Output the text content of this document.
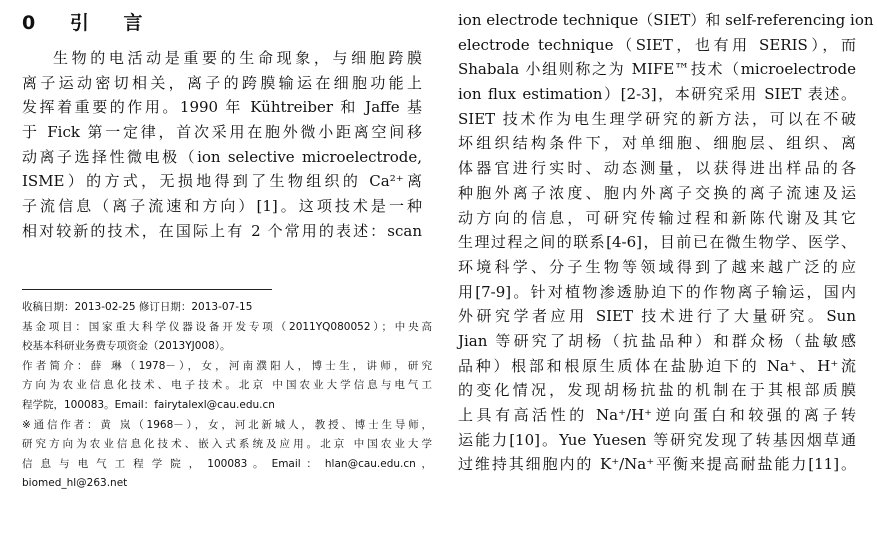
0 引 言
生物的电活动是重要的生命现象，与细胞跨膜
离子运动密切相关，离子的跨膜输运在细胞功能上
发挥着重要的作用。1990 年 Kühtreiber 和 Jaffe 基
于 Fick 第一定律，首次采用在胞外微小距离空间移
动离子选择性微电极（ion selective microelectrode,
ISME）的方式，无损地得到了生物组织的 Ca²⁺离
子流信息（离子流速和方向）[1]。这项技术是一种
相对较新的技术，在国际上有 2 个常用的表述：scan
收稿日期：2013-02-25 修订日期：2013-07-15
基金项目：国家重大科学仪器设备开发专项（2011YQ080052）；中央高
校基本科研业务费专项资金（2013YJ008）。
作者简介：薛 琳（1978－），女，河南濮阳人，博士生，讲师，研究
方向为农业信息化技术、电子技术。北京 中国农业大学信息与电气工
程学院，100083。Email：fairytalexl@cau.edu.cn
※通信作者：黄 岚（1968－），女，河北新城人，教授、博士生导师，
研究方向为农业信息化技术、嵌入式系统及应用。北京 中国农业大学
信 息 与 电 气 工 程 学 院 ， 100083 。 Email ： hlan@cau.edu.cn ，
biomed_hl@263.net
ion electrode technique（SIET）和 self-referencing ion
electrode technique（SIET，也有用 SERIS），而
Shabala 小组则称之为 MIFE™技术（microelectrode
ion flux estimation）[2-3]，本研究采用 SIET 表述。
SIET 技术作为电生理学研究的新方法，可以在不破
坏组织结构条件下，对单细胞、细胞层、组织、离
体器官进行实时、动态测量，以获得进出样品的各
种胞外离子浓度、胞内外离子交换的离子流速及运
动方向的信息，可研究传输过程和新陈代谢及其它
生理过程之间的联系[4-6]，目前已在微生物学、医学、
环境科学、分子生物等领域得到了越来越广泛的应
用[7-9]。针对植物渗透胁迫下的作物离子输运，国内
外研究学者应用 SIET 技术进行了大量研究。Sun
Jian 等研究了胡杨（抗盐品种）和群众杨（盐敏感
品种）根部和根原生质体在盐胁迫下的 Na⁺、H⁺流
的变化情况，发现胡杨抗盐的机制在于其根部质膜
上具有高活性的 Na⁺/H⁺逆向蛋白和较强的离子转
运能力[10]。Yue Yuesen 等研究发现了转基因烟草通
过维持其细胞内的 K⁺/Na⁺平衡来提高耐盐能力[11]。
